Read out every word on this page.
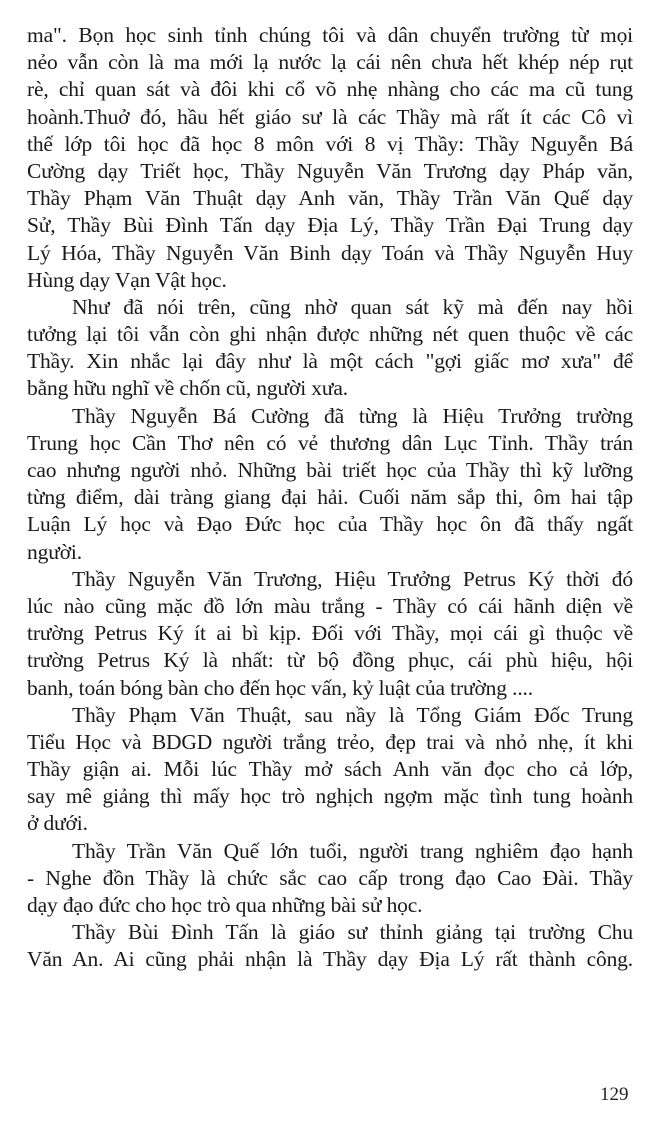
ma". Bọn học sinh tỉnh chúng tôi và dân chuyển trường từ mọi
nẻo vẫn còn là ma mới lạ nước lạ cái nên chưa hết khép nép rụt
rè, chỉ quan sát và đôi khi cổ võ nhẹ nhàng cho các ma cũ tung
hoành.Thuở đó, hầu hết giáo sư là các Thầy mà rất ít các Cô vì
thế lớp tôi học đã học 8 môn với 8 vị Thầy: Thầy Nguyễn Bá
Cường dạy Triết học, Thầy Nguyễn Văn Trương dạy Pháp văn,
Thầy Phạm Văn Thuật dạy Anh văn, Thầy Trần Văn Quế dạy
Sử, Thầy Bùi Đình Tấn dạy Địa Lý, Thầy Trần Đại Trung dạy
Lý Hóa, Thầy Nguyễn Văn Binh dạy Toán và Thầy Nguyễn Huy
Hùng dạy Vạn Vật học.
Như đã nói trên, cũng nhờ quan sát kỹ mà đến nay hồi
tưởng lại tôi vẫn còn ghi nhận được những nét quen thuộc về các
Thầy. Xin nhắc lại đây như là một cách "gợi giấc mơ xưa" để
bằng hữu nghĩ về chốn cũ, người xưa.
Thầy Nguyễn Bá Cường đã từng là Hiệu Trưởng trường
Trung học Cần Thơ nên có vẻ thương dân Lục Tỉnh. Thầy trán
cao nhưng người nhỏ. Những bài triết học của Thầy thì kỹ lưỡng
từng điểm, dài tràng giang đại hải. Cuối năm sắp thi, ôm hai tập
Luận Lý học và Đạo Đức học của Thầy học ôn đã thấy ngất
người.
Thầy Nguyễn Văn Trương, Hiệu Trưởng Petrus Ký thời đó
lúc nào cũng mặc đồ lớn màu trắng - Thầy có cái hãnh diện về
trường Petrus Ký ít ai bì kịp. Đối với Thầy, mọi cái gì thuộc về
trường Petrus Ký là nhất: từ bộ đồng phục, cái phù hiệu, hội
banh, toán bóng bàn cho đến học vấn, kỷ luật của trường ....
Thầy Phạm Văn Thuật, sau nầy là Tổng Giám Đốc Trung
Tiểu Học và BDGD người trắng trẻo, đẹp trai và nhỏ nhẹ, ít khi
Thầy giận ai. Mỗi lúc Thầy mở sách Anh văn đọc cho cả lớp,
say mê giảng thì mấy học trò nghịch ngợm mặc tình tung hoành
ở dưới.
Thầy Trần Văn Quế lớn tuổi, người trang nghiêm đạo hạnh
- Nghe đồn Thầy là chức sắc cao cấp trong đạo Cao Đài. Thầy
dạy đạo đức cho học trò qua những bài sử học.
Thầy Bùi Đình Tấn là giáo sư thỉnh giảng tại trường Chu
Văn An. Ai cũng phải nhận là Thầy dạy Địa Lý rất thành công.
129
